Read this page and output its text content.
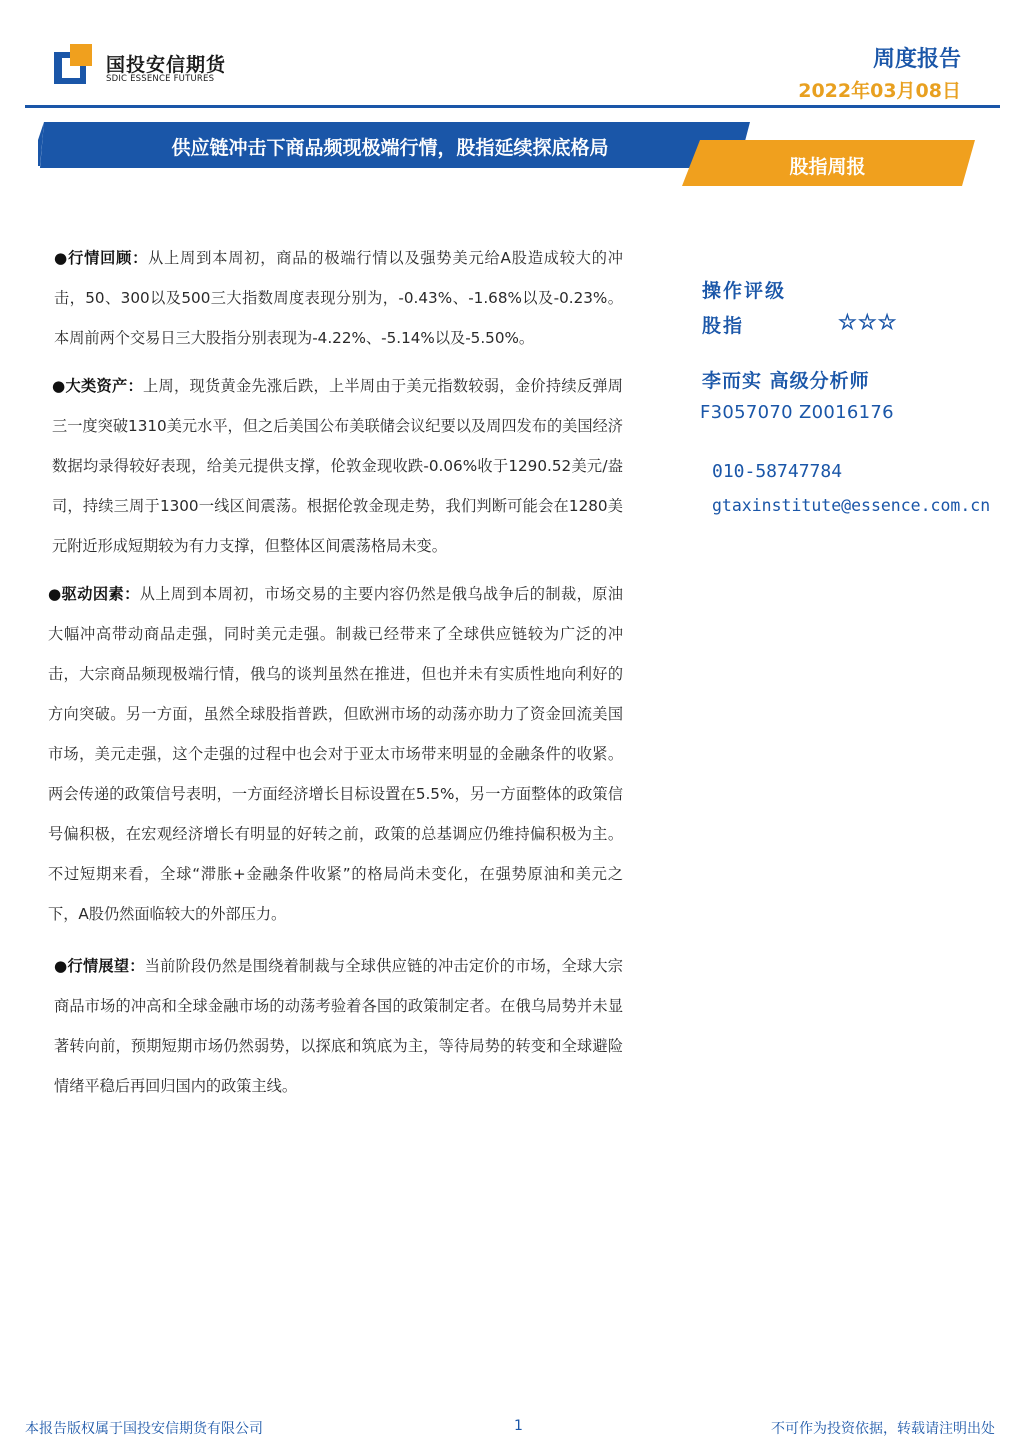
国投安信期货
SDIC ESSENCE FUTURES
周度报告
2022年03月08日
供应链冲击下商品频现极端行情，股指延续探底格局
股指周报

●行情回顾：从上周到本周初，商品的极端行情以及强势美元给A股造成较大的冲击，50、300以及500三大指数周度表现分别为，-0.43%、-1.68%以及-0.23%。本周前两个交易日三大股指分别表现为-4.22%、-5.14%以及-5.50%。

●大类资产：上周，现货黄金先涨后跌，上半周由于美元指数较弱，金价持续反弹周三一度突破1310美元水平，但之后美国公布美联储会议纪要以及周四发布的美国经济数据均录得较好表现，给美元提供支撑，伦敦金现收跌-0.06%收于1290.52美元/盎司，持续三周于1300一线区间震荡。根据伦敦金现走势，我们判断可能会在1280美元附近形成短期较为有力支撑，但整体区间震荡格局未变。

●驱动因素：从上周到本周初，市场交易的主要内容仍然是俄乌战争后的制裁，原油大幅冲高带动商品走强，同时美元走强。制裁已经带来了全球供应链较为广泛的冲击，大宗商品频现极端行情，俄乌的谈判虽然在推进，但也并未有实质性地向利好的方向突破。另一方面，虽然全球股指普跌，但欧洲市场的动荡亦助力了资金回流美国市场，美元走强，这个走强的过程中也会对于亚太市场带来明显的金融条件的收紧。两会传递的政策信号表明，一方面经济增长目标设置在5.5%，另一方面整体的政策信号偏积极，在宏观经济增长有明显的好转之前，政策的总基调应仍维持偏积极为主。不过短期来看，全球“滞胀+金融条件收紧”的格局尚未变化，在强势原油和美元之下，A股仍然面临较大的外部压力。

●行情展望：当前阶段仍然是围绕着制裁与全球供应链的冲击定价的市场，全球大宗商品市场的冲高和全球金融市场的动荡考验着各国的政策制定者。在俄乌局势并未显著转向前，预期短期市场仍然弱势，以探底和筑底为主，等待局势的转变和全球避险情绪平稳后再回归国内的政策主线。

操作评级
股指	☆☆☆
李而实 高级分析师
F3057070 Z0016176
010-58747784
gtaxinstitute@essence.com.cn
本报告版权属于国投安信期货有限公司	1	不可作为投资依据，转载请注明出处
